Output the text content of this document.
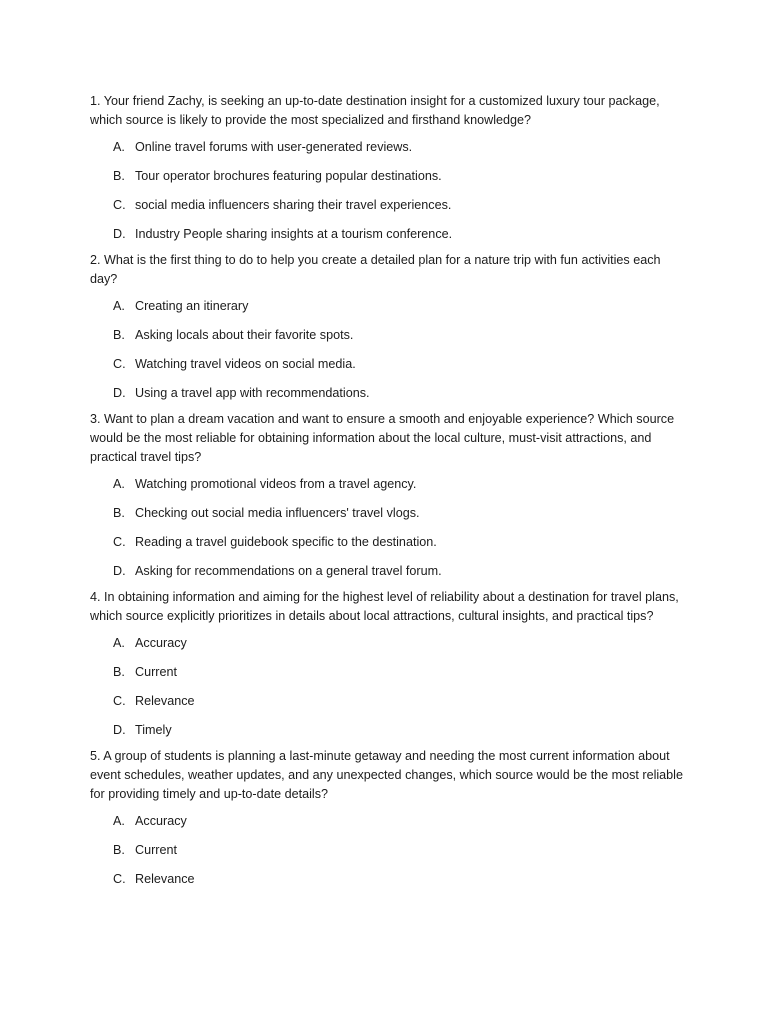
1. Your friend Zachy, is seeking an up-to-date destination insight for a customized luxury tour package, which source is likely to provide the most specialized and firsthand knowledge?

A. Online travel forums with user-generated reviews.
B. Tour operator brochures featuring popular destinations.
C. social media influencers sharing their travel experiences.
D. Industry People sharing insights at a tourism conference.

2. What is the first thing to do to help you create a detailed plan for a nature trip with fun activities each day?

A. Creating an itinerary
B. Asking locals about their favorite spots.
C. Watching travel videos on social media.
D. Using a travel app with recommendations.

3. Want to plan a dream vacation and want to ensure a smooth and enjoyable experience? Which source would be the most reliable for obtaining information about the local culture, must-visit attractions, and practical travel tips?

A. Watching promotional videos from a travel agency.
B. Checking out social media influencers' travel vlogs.
C. Reading a travel guidebook specific to the destination.
D. Asking for recommendations on a general travel forum.

4. In obtaining information and aiming for the highest level of reliability about a destination for travel plans, which source explicitly prioritizes in details about local attractions, cultural insights, and practical tips?

A. Accuracy
B. Current
C. Relevance
D. Timely

5. A group of students is planning a last-minute getaway and needing the most current information about event schedules, weather updates, and any unexpected changes, which source would be the most reliable for providing timely and up-to-date details?

A. Accuracy
B. Current
C. Relevance
